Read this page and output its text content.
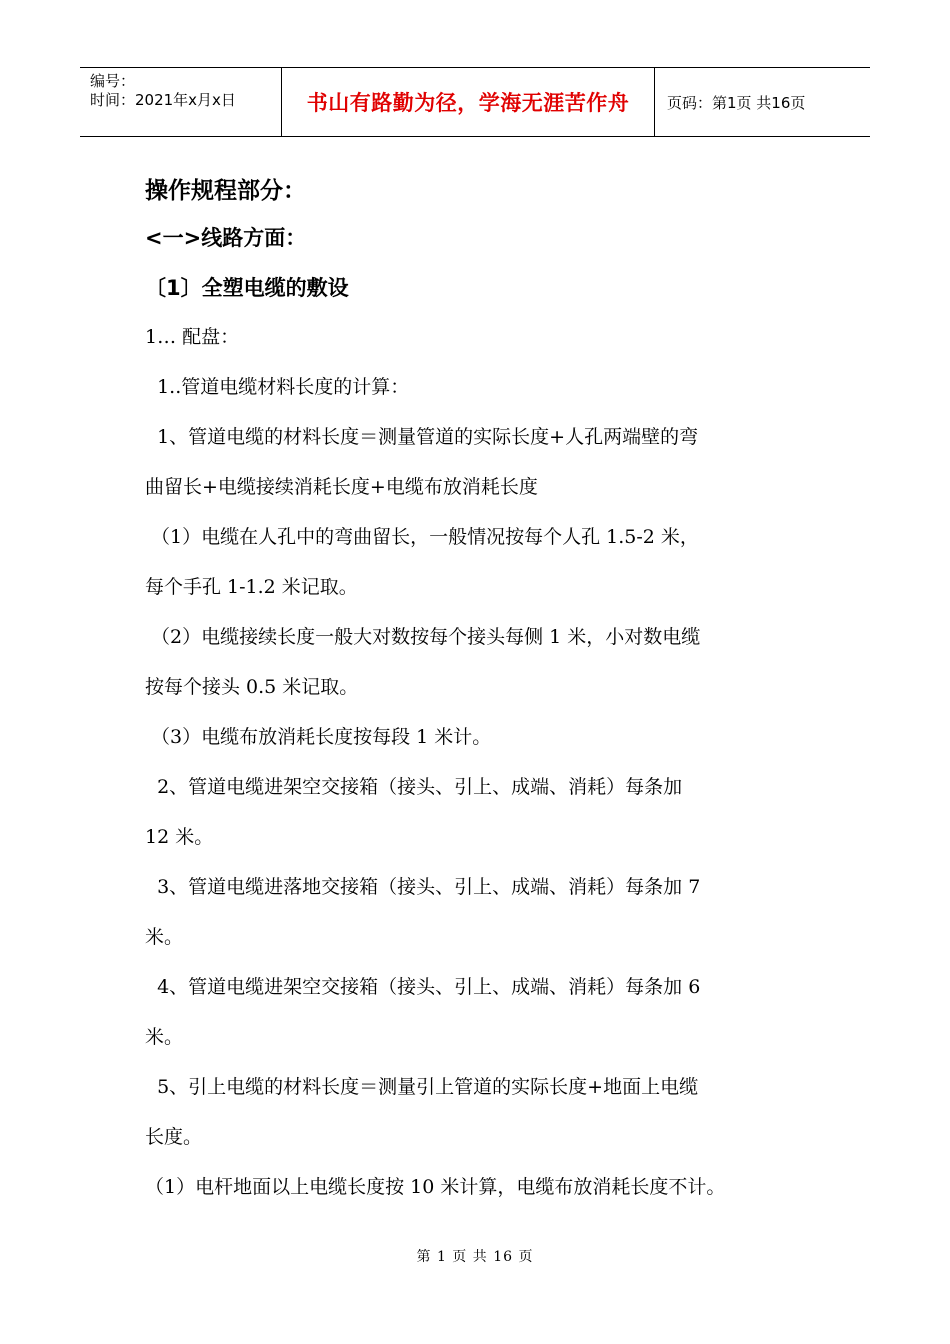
编号：
时间：2021年x月x日	书山有路勤为径，学海无涯苦作舟	页码：第1页 共16页
操作规程部分：
<一>线路方面：
〔1〕全塑电缆的敷设
1… 配盘：
1..管道电缆材料长度的计算：
1、管道电缆的材料长度＝测量管道的实际长度+人孔两端壁的弯
曲留长+电缆接续消耗长度+电缆布放消耗长度
（1）电缆在人孔中的弯曲留长，一般情况按每个人孔 1.5-2 米，
每个手孔 1-1.2 米记取。
（2）电缆接续长度一般大对数按每个接头每侧 1 米，小对数电缆
按每个接头 0.5 米记取。
（3）电缆布放消耗长度按每段 1 米计。
2、管道电缆进架空交接箱（接头、引上、成端、消耗）每条加
12 米。
3、管道电缆进落地交接箱（接头、引上、成端、消耗）每条加 7
米。
4、管道电缆进架空交接箱（接头、引上、成端、消耗）每条加 6
米。
5、引上电缆的材料长度＝测量引上管道的实际长度+地面上电缆
长度。
（1）电杆地面以上电缆长度按 10 米计算，电缆布放消耗长度不计。
第 1 页 共 16 页
